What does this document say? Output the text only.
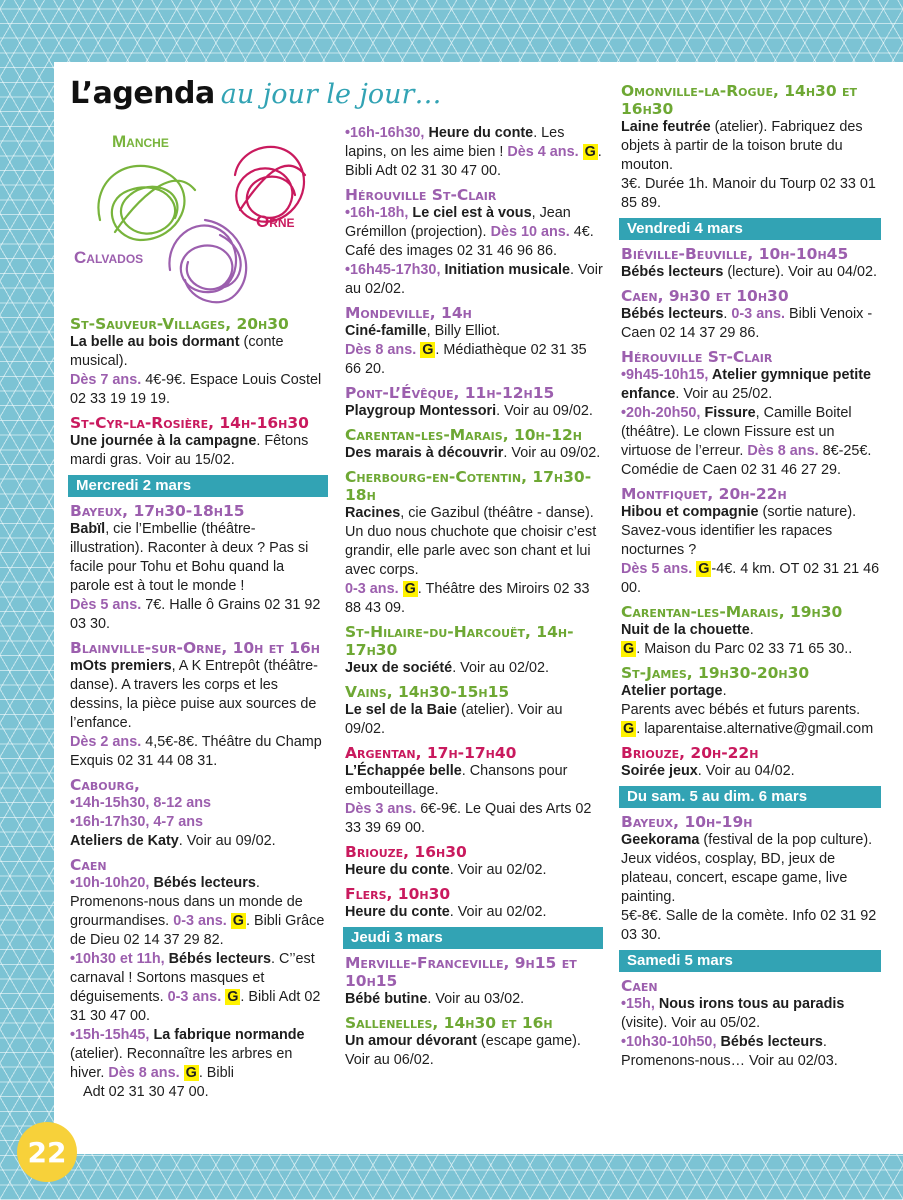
L’agenda au jour le jour…
Manche
Orne
Calvados
St-Sauveur-Villages, 20h30

La belle au bois dormant (conte musical).

Dès 7 ans. 4€-9€. Espace Louis Costel 02 33 19 19 19.

St-Cyr-la-Rosière, 14h-16h30

Une journée à la campagne. Fêtons mardi gras. Voir au 15/02.

Mercredi 2 mars
Bayeux, 17h30-18h15

Babïl, cie l’Embellie (théâtre-illustration). Raconter à deux ? Pas si facile pour Tohu et Bohu quand la parole est à tout le monde !

Dès 5 ans. 7€. Halle ô Grains 02 31 92 03 30.

Blainville-sur-Orne, 10h et 16h

mOts premiers, A K Entrepôt (théâtre-danse). A travers les corps et les dessins, la pièce puise aux sources de l’enfance.

Dès 2 ans. 4,5€-8€. Théâtre du Champ Exquis 02 31 44 08 31.

Cabourg,

•14h-15h30, 8-12 ans

•16h-17h30, 4-7 ans

Ateliers de Katy. Voir au 09/02.

Caen

•10h-10h20, Bébés lecteurs. Promenons-nous dans un monde de grourmandises. 0-3 ans. G . Bibli Grâce de Dieu 02 14 37 29 82.

•10h30 et 11h, Bébés lecteurs. C’’est carnaval ! Sortons masques et déguisements. 0-3 ans. G . Bibli Adt 02 31 30 47 00.

•15h-15h45, La fabrique normande (atelier). Reconnaître les arbres en hiver. Dès 8 ans. G . Bibli

Adt 02 31 30 47 00.

•16h-16h30, Heure du conte. Les lapins, on les aime bien ! Dès 4 ans. G . Bibli Adt 02 31 30 47 00.

Hérouville St-Clair

•16h-18h, Le ciel est à vous, Jean Grémillon (projection). Dès 10 ans. 4€. Café des images 02 31 46 96 86.

•16h45-17h30, Initiation musicale. Voir au 02/02.

Mondeville, 14h

Ciné-famille, Billy Elliot.

Dès 8 ans. G . Médiathèque 02 31 35 66 20.

Pont-L’Évêque, 11h-12h15

Playgroup Montessori. Voir au 09/02.

Carentan-les-Marais, 10h-12h

Des marais à découvrir. Voir au 09/02.

Cherbourg-en-Cotentin, 17h30-18h

Racines, cie Gazibul (théâtre - danse). Un duo nous chuchote que choisir c’est grandir, elle parle avec son chant et lui avec corps.

0-3 ans. G . Théâtre des Miroirs 02 33 88 43 09.

St-Hilaire-du-Harcouët, 14h-17h30

Jeux de société. Voir au 02/02.

Vains, 14h30-15h15

Le sel de la Baie (atelier). Voir au 09/02.

Argentan, 17h-17h40

L’Échappée belle. Chansons pour embouteillage.

Dès 3 ans. 6€-9€. Le Quai des Arts 02 33 39 69 00.

Briouze, 16h30

Heure du conte. Voir au 02/02.

Flers, 10h30

Heure du conte. Voir au 02/02.

Jeudi 3 mars
Merville-Franceville, 9h15 et 10h15

Bébé butine. Voir au 03/02.

Sallenelles, 14h30 et 16h

Un amour dévorant (escape game). Voir au 06/02.

Omonville-la-Rogue, 14h30 et 16h30

Laine feutrée (atelier). Fabriquez des objets à partir de la toison brute du mouton.

3€. Durée 1h. Manoir du Tourp 02 33 01 85 89.

Vendredi 4 mars
Biéville-Beuville, 10h-10h45

Bébés lecteurs (lecture). Voir au 04/02.

Caen, 9h30 et 10h30

Bébés lecteurs. 0-3 ans. Bibli Venoix - Caen 02 14 37 29 86.

Hérouville St-Clair

•9h45-10h15, Atelier gymnique petite enfance. Voir au 25/02.

•20h-20h50, Fissure, Camille Boitel (théâtre). Le clown Fissure est un virtuose de l’erreur. Dès 8 ans. 8€-25€. Comédie de Caen 02 31 46 27 29.

Montfiquet, 20h-22h

Hibou et compagnie (sortie nature). Savez-vous identifier les rapaces nocturnes ?

Dès 5 ans. G -4€. 4 km. OT 02 31 21 46 00.

Carentan-les-Marais, 19h30

Nuit de la chouette.

G . Maison du Parc 02 33 71 65 30..

St-James, 19h30-20h30

Atelier portage.

Parents avec bébés et futurs parents. G . laparentaise.alternative@gmail.com

Briouze, 20h-22h

Soirée jeux. Voir au 04/02.

Du sam. 5 au dim. 6 mars
Bayeux, 10h-19h

Geekorama (festival de la pop culture). Jeux vidéos, cosplay, BD, jeux de plateau, concert, escape game, live painting.

5€-8€. Salle de la comète. Info 02 31 92 03 30.

Samedi 5 mars
Caen

•15h, Nous irons tous au paradis (visite). Voir au 05/02.

•10h30-10h50, Bébés lecteurs. Promenons-nous… Voir au 02/03.

22
